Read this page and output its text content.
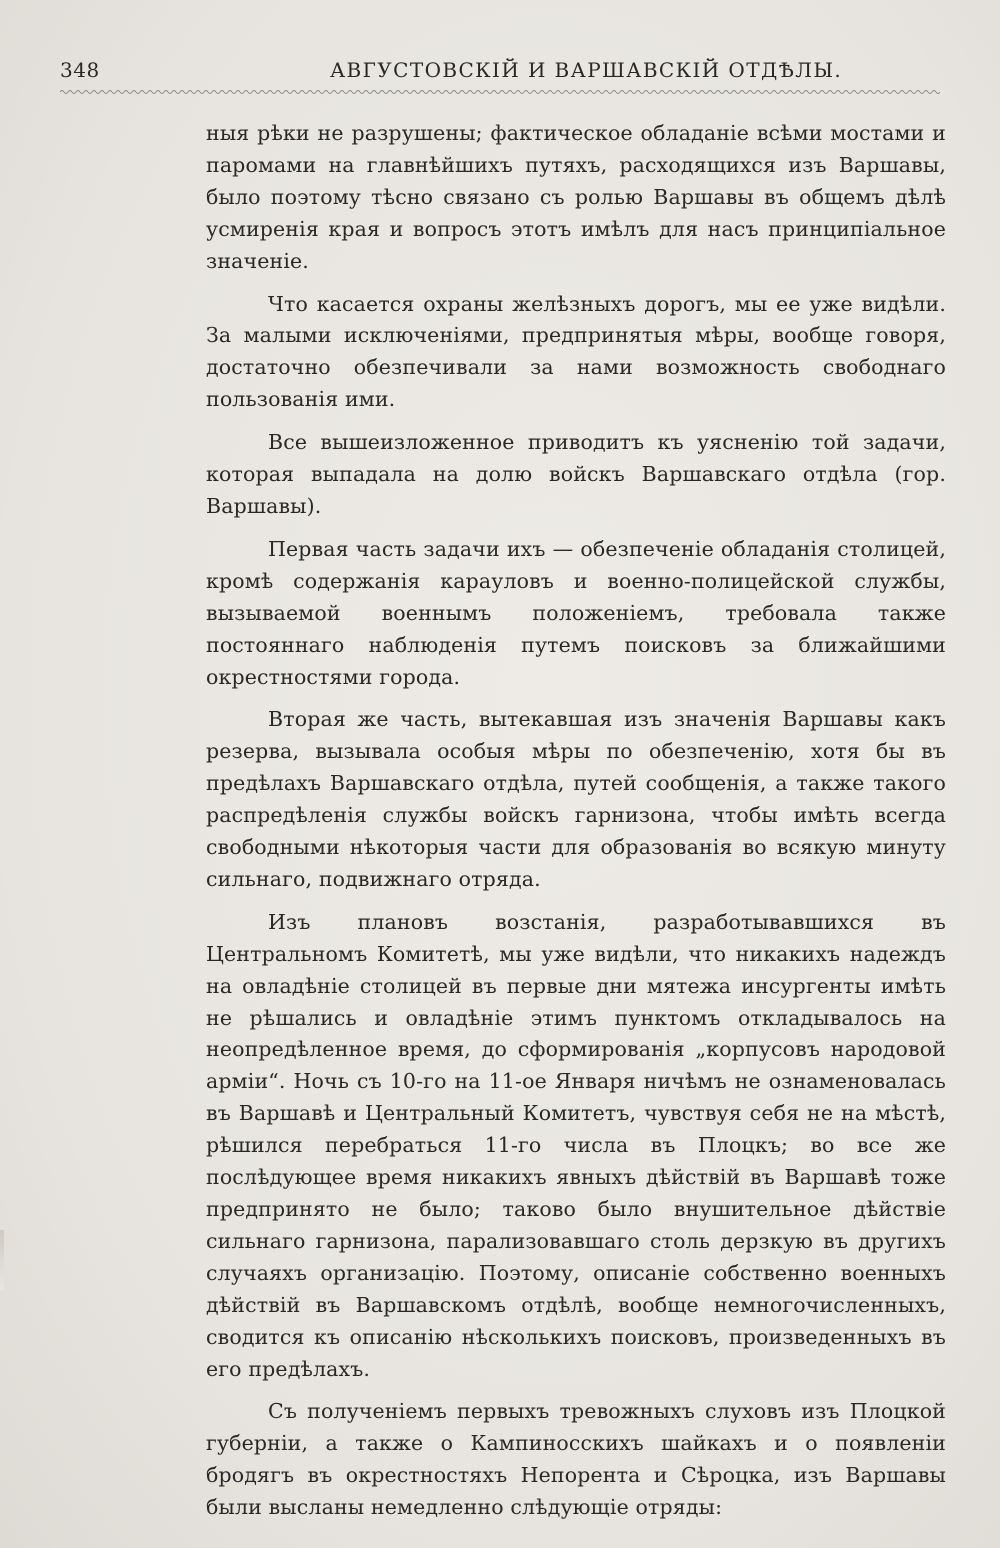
348	АВГУСТОВСКІЙ И ВАРШАВСКІЙ ОТДѢЛЫ.

ныя рѣки не разрушены; фактическое обладаніе всѣми мостами и паромами на главнѣйшихъ путяхъ, расходящихся изъ Варшавы, было поэтому тѣсно связано съ ролью Варшавы въ общемъ дѣлѣ усмиренія края и вопросъ этотъ имѣлъ для насъ принципіальное значеніе.

Что касается охраны желѣзныхъ дорогъ, мы ее уже видѣли. За малыми исключеніями, предпринятыя мѣры, вообще говоря, достаточно обезпечивали за нами возможность свободнаго пользованія ими.

Все вышеизложенное приводитъ къ уясненію той задачи, которая выпадала на долю войскъ Варшавскаго отдѣла (гор. Варшавы).

Первая часть задачи ихъ — обезпеченіе обладанія столицей, кромѣ содержанія карауловъ и военно-полицейской службы, вызываемой военнымъ положеніемъ, требовала также постояннаго наблюденія путемъ поисковъ за ближайшими окрестностями города.

Вторая же часть, вытекавшая изъ значенія Варшавы какъ резерва, вызывала особыя мѣры по обезпеченію, хотя бы въ предѣлахъ Варшавскаго отдѣла, путей сообщенія, а также такого распредѣленія службы войскъ гарнизона, чтобы имѣть всегда свободными нѣкоторыя части для образованія во всякую минуту сильнаго, подвижнаго отряда.

Изъ плановъ возстанія, разработывавшихся въ Центральномъ Комитетѣ, мы уже видѣли, что никакихъ надеждъ на овладѣніе столицей въ первые дни мятежа инсургенты имѣть не рѣшались и овладѣніе этимъ пунктомъ откладывалось на неопредѣленное время, до сформированія „корпусовъ народовой арміи“. Ночь съ 10-го на 11-ое Января ничѣмъ не ознаменовалась въ Варшавѣ и Центральный Комитетъ, чувствуя себя не на мѣстѣ, рѣшился перебраться 11-го числа въ Плоцкъ; во все же послѣдующее время никакихъ явныхъ дѣйствій въ Варшавѣ тоже предпринято не было; таково было внушительное дѣйствіе сильнаго гарнизона, парализовавшаго столь дерзкую въ другихъ случаяхъ организацію. Поэтому, описаніе собственно военныхъ дѣйствій въ Варшавскомъ отдѣлѣ, вообще немногочисленныхъ, сводится къ описанію нѣсколькихъ поисковъ, произведенныхъ въ его предѣлахъ.

Съ полученіемъ первыхъ тревожныхъ слуховъ изъ Плоцкой губерніи, а также о Кампиносскихъ шайкахъ и о появленіи бродягъ въ окрестностяхъ Непорента и Сѣроцка, изъ Варшавы были высланы немедленно слѣдующіе отряды:
